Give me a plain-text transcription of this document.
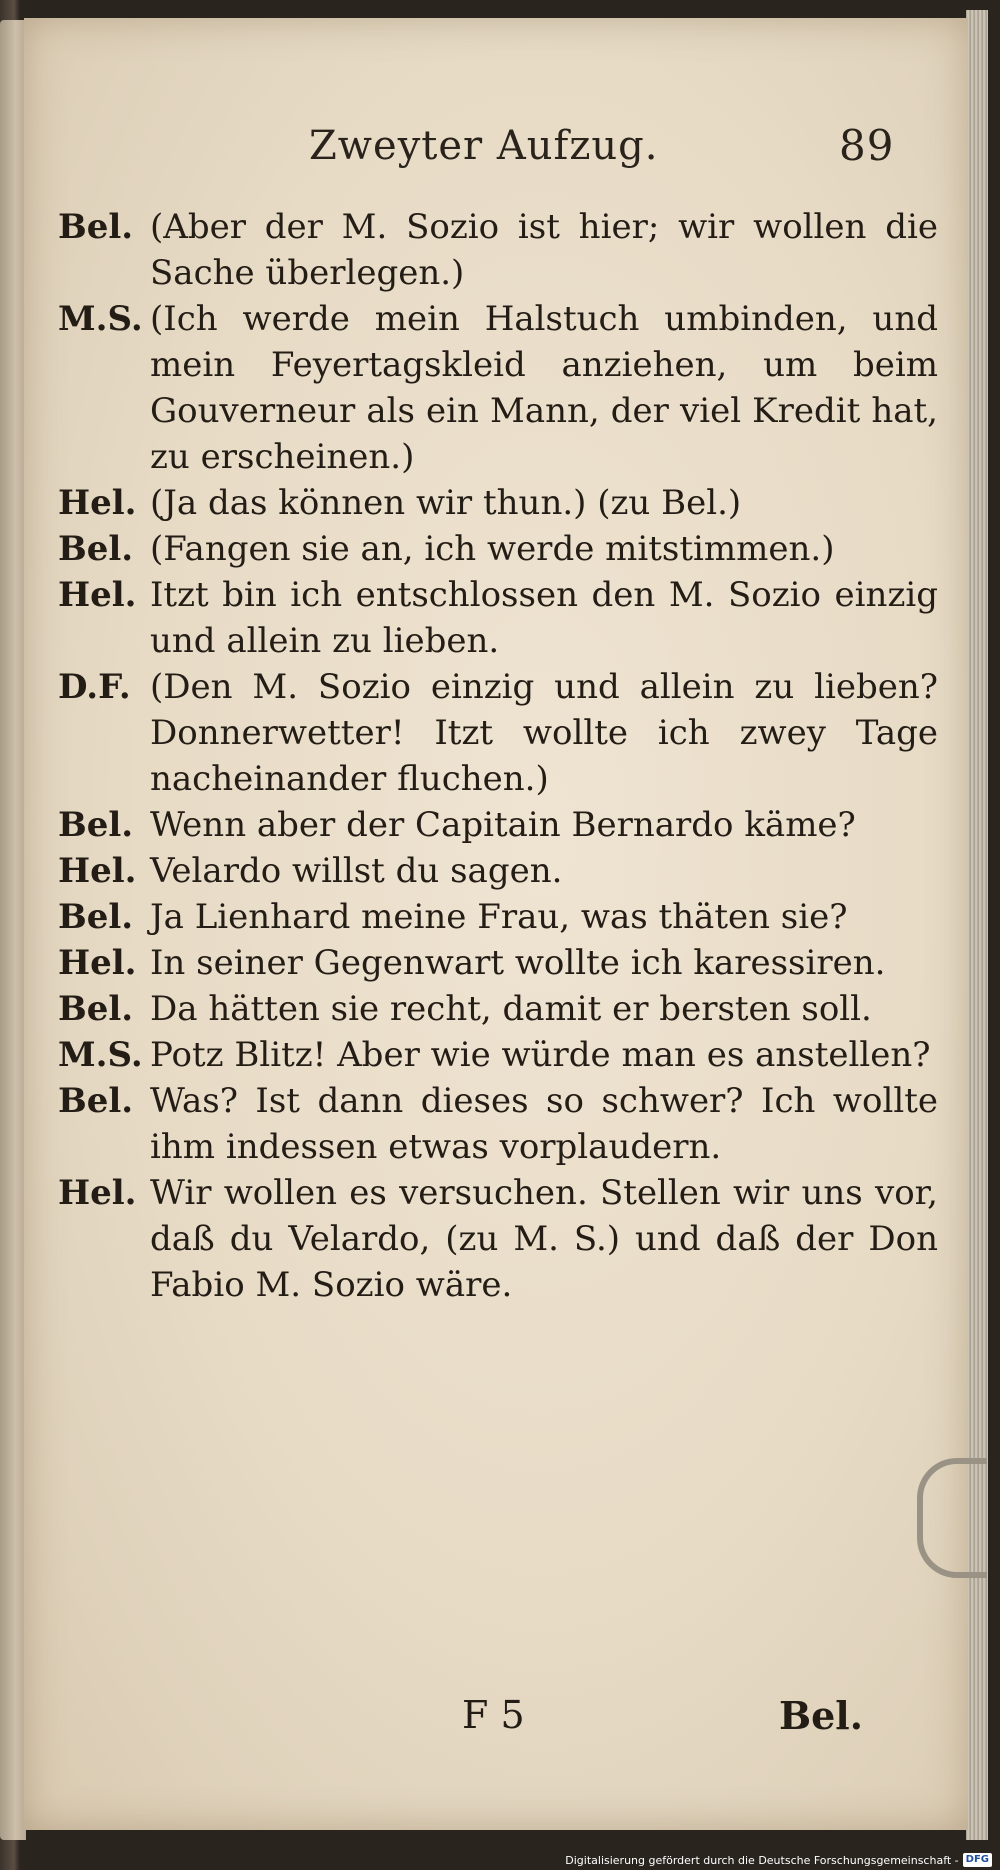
Zweyter Aufzug.	89
Bel. (Aber der M. Sozio ist hier; wir wollen die Sache überlegen.)
M.S. (Ich werde mein Halstuch umbinden, und mein Feyertagskleid anziehen, um beim Gouverneur als ein Mann, der viel Kredit hat, zu erscheinen.)
Hel. (Ja das können wir thun.) (zu Bel.)
Bel. (Fangen sie an, ich werde mitstimmen.)
Hel. Itzt bin ich entschlossen den M. Sozio einzig und allein zu lieben.
D.F. (Den M. Sozio einzig und allein zu lieben? Donnerwetter! Itzt wollte ich zwey Tage nacheinander fluchen.)
Bel. Wenn aber der Capitain Bernardo käme?
Hel. Velardo willst du sagen.
Bel. Ja Lienhard meine Frau, was thäten sie?
Hel. In seiner Gegenwart wollte ich karessiren.
Bel. Da hätten sie recht, damit er bersten soll.
M.S. Potz Blitz! Aber wie würde man es anstellen?
Bel. Was? Ist dann dieses so schwer? Ich wollte ihm indessen etwas vorplaudern.
Hel. Wir wollen es versuchen. Stellen wir uns vor, daß du Velardo, (zu M. S.) und daß der Don Fabio M. Sozio wäre.
F 5	Bel.
Digitalisierung gefördert durch die Deutsche Forschungsgemeinschaft - DFG
